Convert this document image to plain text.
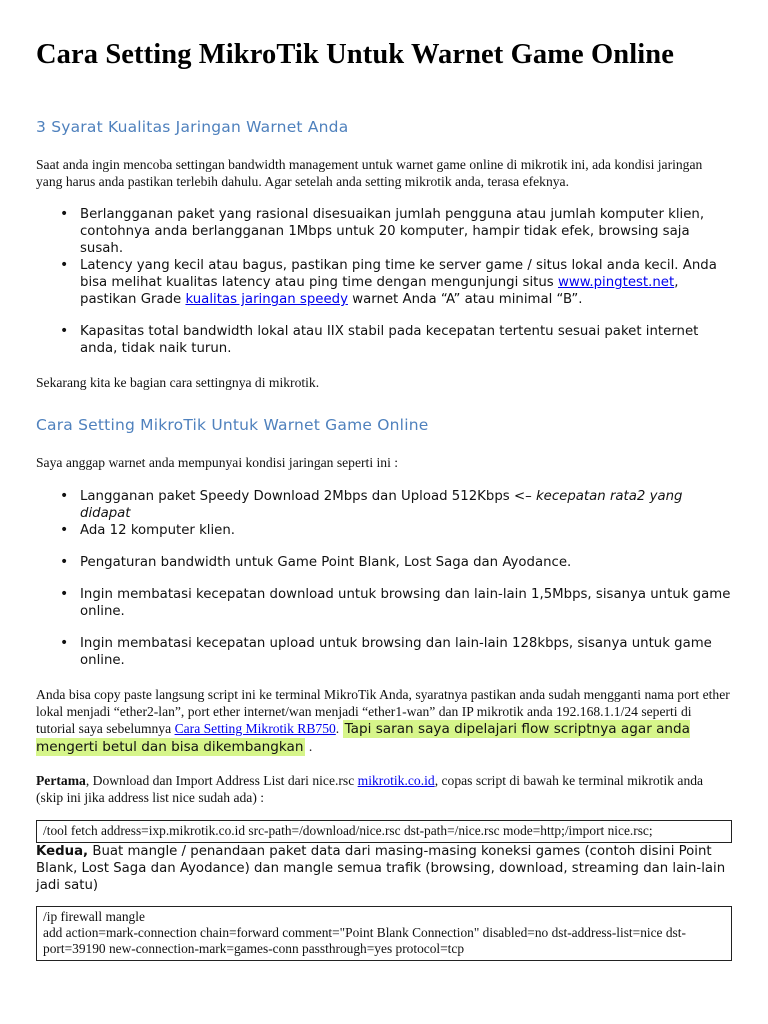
Cara Setting MikroTik Untuk Warnet Game Online
3 Syarat Kualitas Jaringan Warnet Anda

Saat anda ingin mencoba settingan bandwidth management untuk warnet game online di mikrotik ini, ada kondisi jaringan yang harus anda pastikan terlebih dahulu. Agar setelah anda setting mikrotik anda, terasa efeknya.

• Berlangganan paket yang rasional disesuaikan jumlah pengguna atau jumlah komputer klien, contohnya anda berlangganan 1Mbps untuk 20 komputer, hampir tidak efek, browsing saja susah.
• Latency yang kecil atau bagus, pastikan ping time ke server game / situs lokal anda kecil. Anda bisa melihat kualitas latency atau ping time dengan mengunjungi situs www.pingtest.net, pastikan Grade kualitas jaringan speedy warnet Anda “A” atau minimal “B”.
• Kapasitas total bandwidth lokal atau IIX stabil pada kecepatan tertentu sesuai paket internet anda, tidak naik turun.

Sekarang kita ke bagian cara settingnya di mikrotik.

Cara Setting MikroTik Untuk Warnet Game Online

Saya anggap warnet anda mempunyai kondisi jaringan seperti ini :

• Langganan paket Speedy Download 2Mbps dan Upload 512Kbps <– kecepatan rata2 yang didapat
• Ada 12 komputer klien.
• Pengaturan bandwidth untuk Game Point Blank, Lost Saga dan Ayodance.
• Ingin membatasi kecepatan download untuk browsing dan lain-lain 1,5Mbps, sisanya untuk game online.
• Ingin membatasi kecepatan upload untuk browsing dan lain-lain 128kbps, sisanya untuk game online.

Anda bisa copy paste langsung script ini ke terminal MikroTik Anda, syaratnya pastikan anda sudah mengganti nama port ether lokal menjadi “ether2-lan”, port ether internet/wan menjadi “ether1-wan” dan IP mikrotik anda 192.168.1.1/24 seperti di tutorial saya sebelumnya Cara Setting Mikrotik RB750. Tapi saran saya dipelajari flow scriptnya agar anda mengerti betul dan bisa dikembangkan .

Pertama, Download dan Import Address List dari nice.rsc mikrotik.co.id, copas script di bawah ke terminal mikrotik anda (skip ini jika address list nice sudah ada) :

/tool fetch address=ixp.mikrotik.co.id src-path=/download/nice.rsc dst-path=/nice.rsc mode=http;/import nice.rsc;

Kedua, Buat mangle / penandaan paket data dari masing-masing koneksi games (contoh disini Point Blank, Lost Saga dan Ayodance) dan mangle semua trafik (browsing, download, streaming dan lain-lain jadi satu)

/ip firewall mangle
add action=mark-connection chain=forward comment="Point Blank Connection" disabled=no dst-address-list=nice dst-port=39190 new-connection-mark=games-conn passthrough=yes protocol=tcp
